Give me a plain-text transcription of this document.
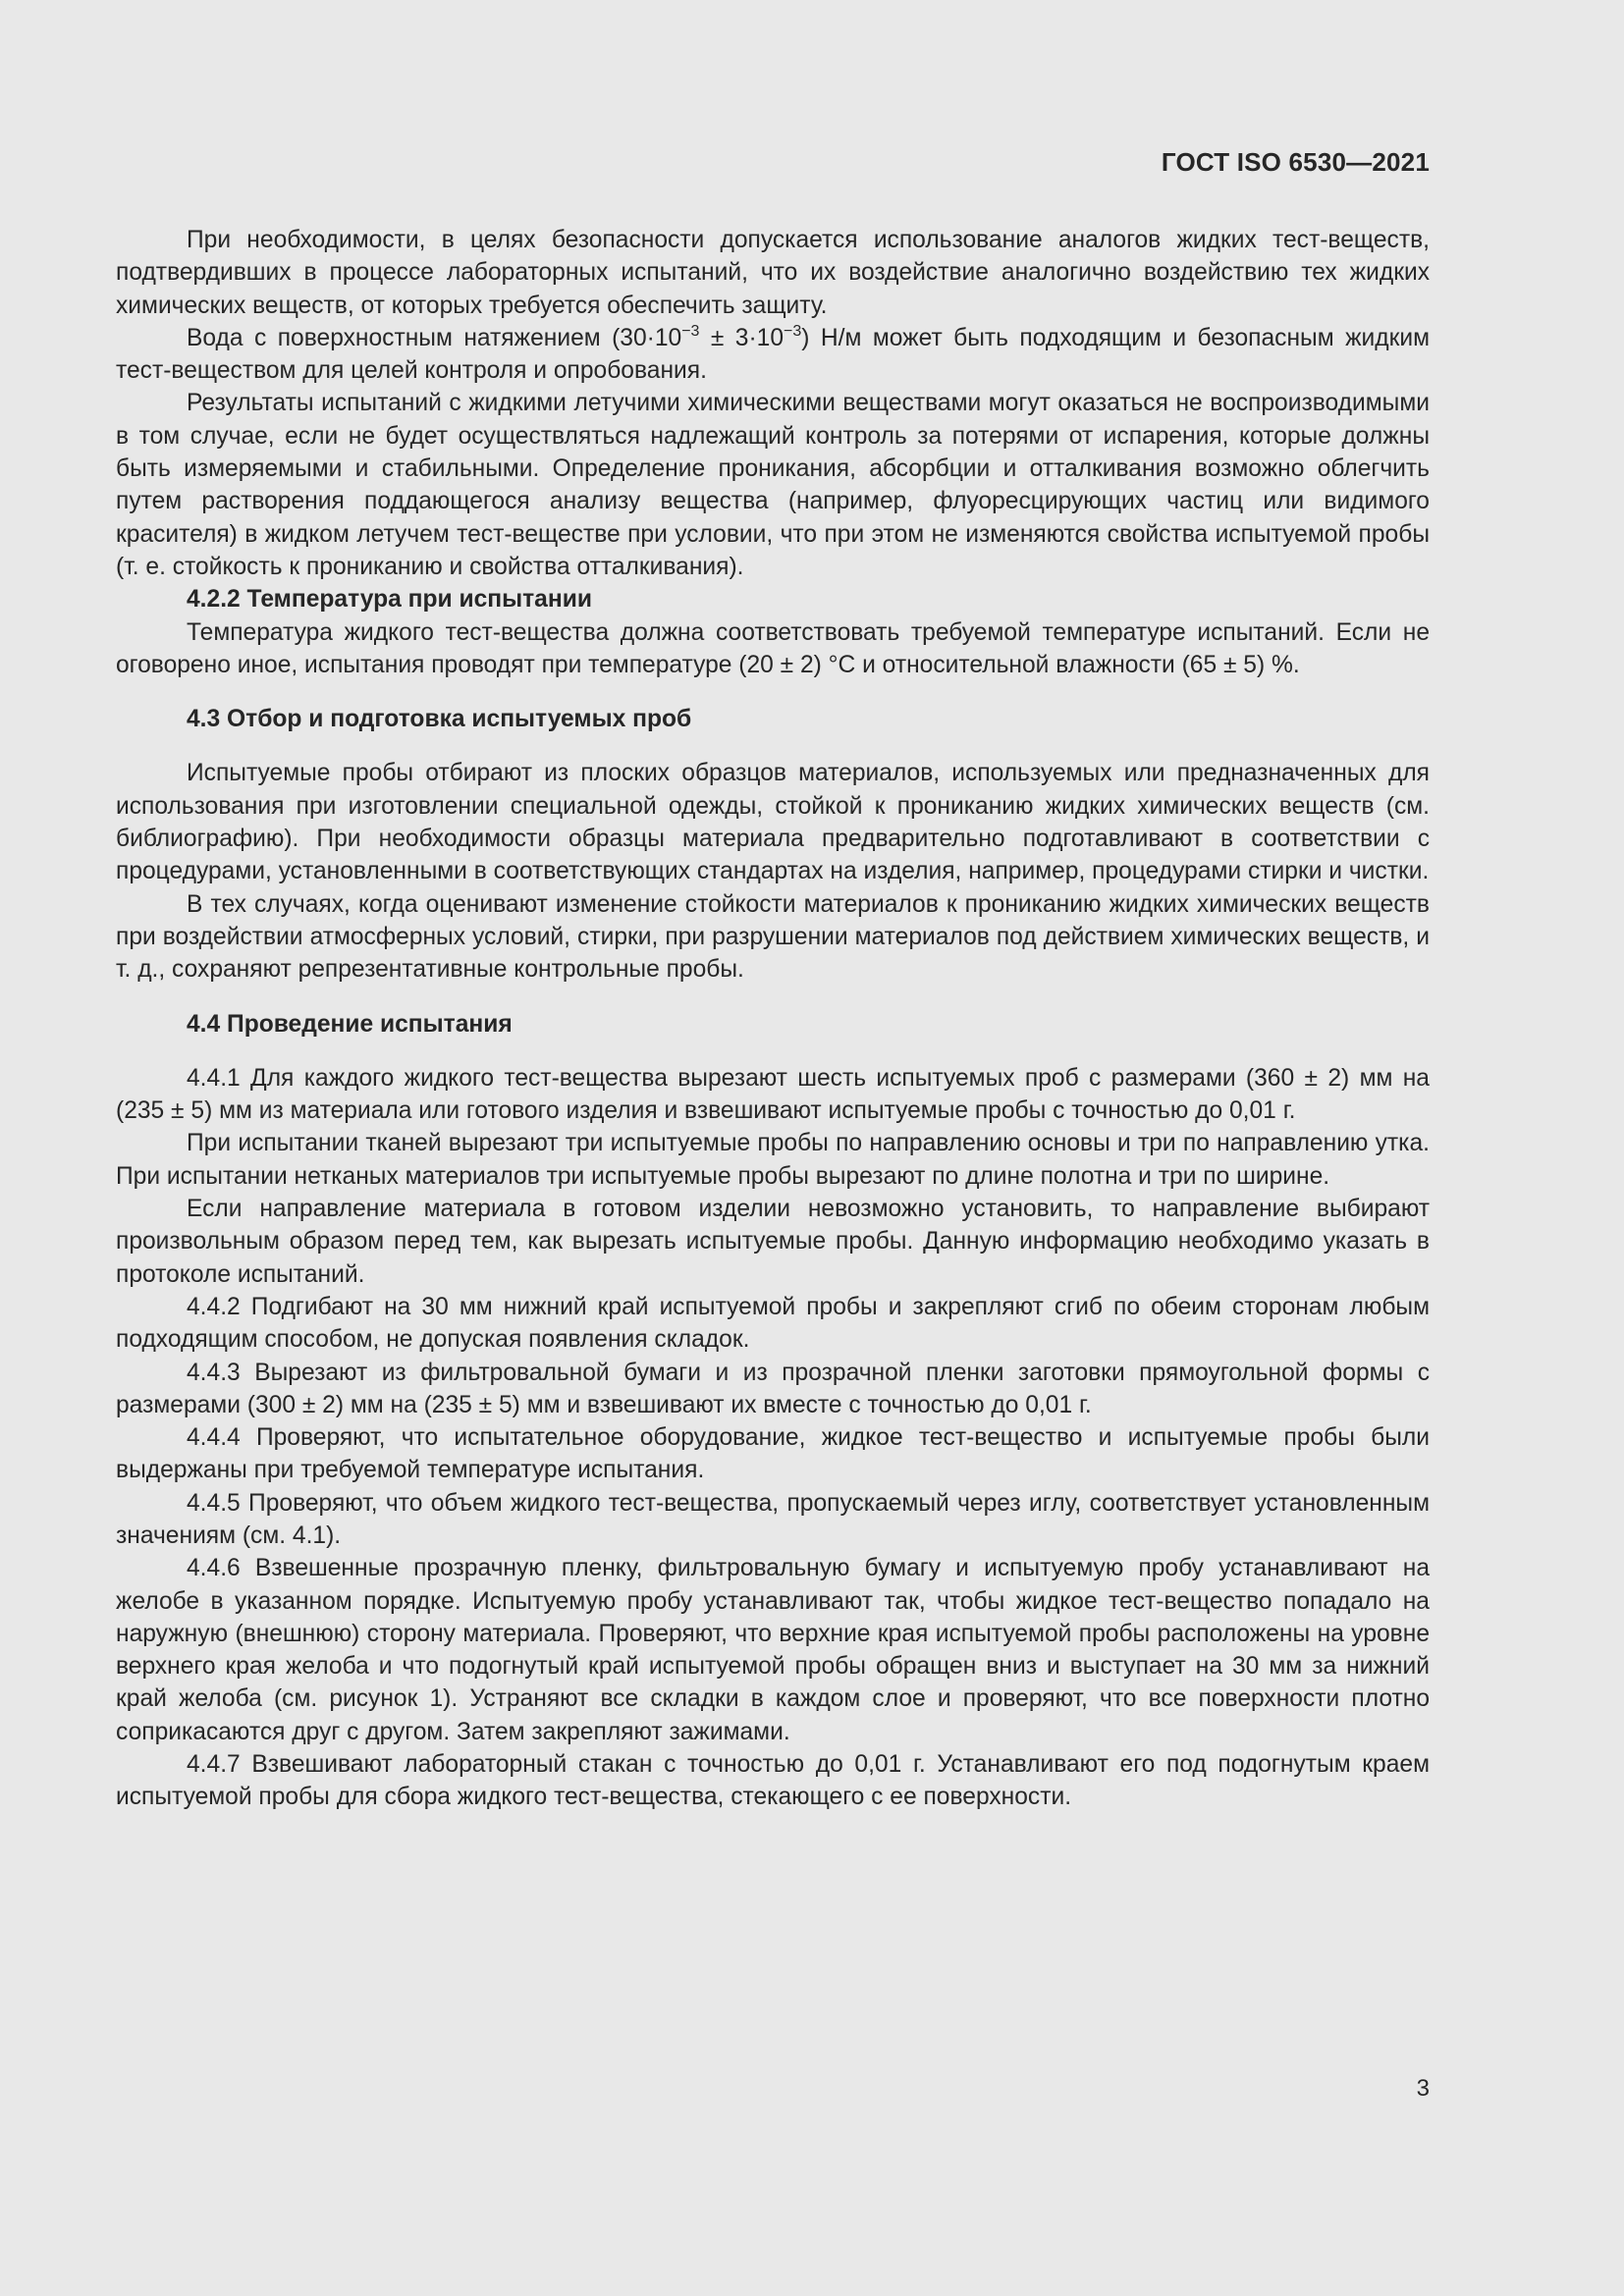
ГОСТ ISO 6530—2021

При необходимости, в целях безопасности допускается использование аналогов жидких тест-веществ, подтвердивших в процессе лабораторных испытаний, что их воздействие аналогично воздействию тех жидких химических веществ, от которых требуется обеспечить защиту.

Вода с поверхностным натяжением $(30\cdot 10^{-3} \pm 3\cdot 10^{-3})$ Н/м может быть подходящим и безопасным жидким тест-веществом для целей контроля и опробования.

Результаты испытаний с жидкими летучими химическими веществами могут оказаться не воспроизводимыми в том случае, если не будет осуществляться надлежащий контроль за потерями от испарения, которые должны быть измеряемыми и стабильными. Определение проникания, абсорбции и отталкивания возможно облегчить путем растворения поддающегося анализу вещества (например, флуоресцирующих частиц или видимого красителя) в жидком летучем тест-веществе при условии, что при этом не изменяются свойства испытуемой пробы (т. е. стойкость к прониканию и свойства отталкивания).

4.2.2 Температура при испытании

Температура жидкого тест-вещества должна соответствовать требуемой температуре испытаний. Если не оговорено иное, испытания проводят при температуре (20 ± 2) °С и относительной влажности (65 ± 5) %.

4.3 Отбор и подготовка испытуемых проб

Испытуемые пробы отбирают из плоских образцов материалов, используемых или предназначенных для использования при изготовлении специальной одежды, стойкой к прониканию жидких химических веществ (см. библиографию). При необходимости образцы материала предварительно подготавливают в соответствии с процедурами, установленными в соответствующих стандартах на изделия, например, процедурами стирки и чистки.

В тех случаях, когда оценивают изменение стойкости материалов к прониканию жидких химических веществ при воздействии атмосферных условий, стирки, при разрушении материалов под действием химических веществ, и т. д., сохраняют репрезентативные контрольные пробы.

4.4 Проведение испытания

4.4.1 Для каждого жидкого тест-вещества вырезают шесть испытуемых проб с размерами (360 ± 2) мм на (235 ± 5) мм из материала или готового изделия и взвешивают испытуемые пробы с точностью до 0,01 г.

При испытании тканей вырезают три испытуемые пробы по направлению основы и три по направлению утка. При испытании нетканых материалов три испытуемые пробы вырезают по длине полотна и три по ширине.

Если направление материала в готовом изделии невозможно установить, то направление выбирают произвольным образом перед тем, как вырезать испытуемые пробы. Данную информацию необходимо указать в протоколе испытаний.

4.4.2 Подгибают на 30 мм нижний край испытуемой пробы и закрепляют сгиб по обеим сторонам любым подходящим способом, не допуская появления складок.

4.4.3 Вырезают из фильтровальной бумаги и из прозрачной пленки заготовки прямоугольной формы с размерами (300 ± 2) мм на (235 ± 5) мм и взвешивают их вместе с точностью до 0,01 г.

4.4.4 Проверяют, что испытательное оборудование, жидкое тест-вещество и испытуемые пробы были выдержаны при требуемой температуре испытания.

4.4.5 Проверяют, что объем жидкого тест-вещества, пропускаемый через иглу, соответствует установленным значениям (см. 4.1).

4.4.6 Взвешенные прозрачную пленку, фильтровальную бумагу и испытуемую пробу устанавливают на желобе в указанном порядке. Испытуемую пробу устанавливают так, чтобы жидкое тест-вещество попадало на наружную (внешнюю) сторону материала. Проверяют, что верхние края испытуемой пробы расположены на уровне верхнего края желоба и что подогнутый край испытуемой пробы обращен вниз и выступает на 30 мм за нижний край желоба (см. рисунок 1). Устраняют все складки в каждом слое и проверяют, что все поверхности плотно соприкасаются друг с другом. Затем закрепляют зажимами.

4.4.7 Взвешивают лабораторный стакан с точностью до 0,01 г. Устанавливают его под подогнутым краем испытуемой пробы для сбора жидкого тест-вещества, стекающего с ее поверхности.

3
